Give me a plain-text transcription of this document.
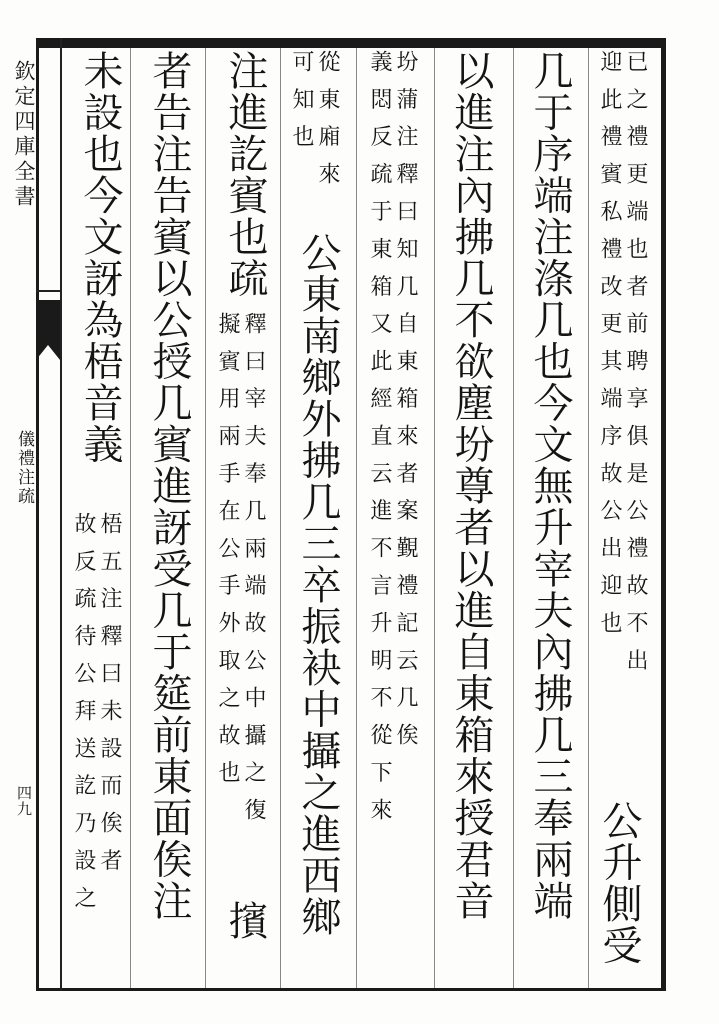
欽定四庫全書
儀禮注疏
四九
已之禮更端也者前聘享俱是公禮故不出
迎此禮賓私禮改更其端序故公出迎也
公升側受
几于序端注涤几也今文無升宰夫內拂几三奉兩端
以進注內拂几不欲塵坋尊者以進自東箱來授君音
坋蒲注釋曰知几自東箱來者案覲禮記云几俟
義悶反疏于東箱又此經直云進不言升明不從下來
從東廂來
可知也
公東南鄉外拂几三卒振袂中攝之進西鄉
釋曰宰夫奉几兩端故公中攝之復
擬賓用兩手在公手外取之故也
擯
注進訖賓也疏
者告注告賓以公授几賓進訝受几于筵前東面俟注
未設也今文訝為梧音義
梧五注釋曰未設而俟者
故反疏待公拜送訖乃設之
